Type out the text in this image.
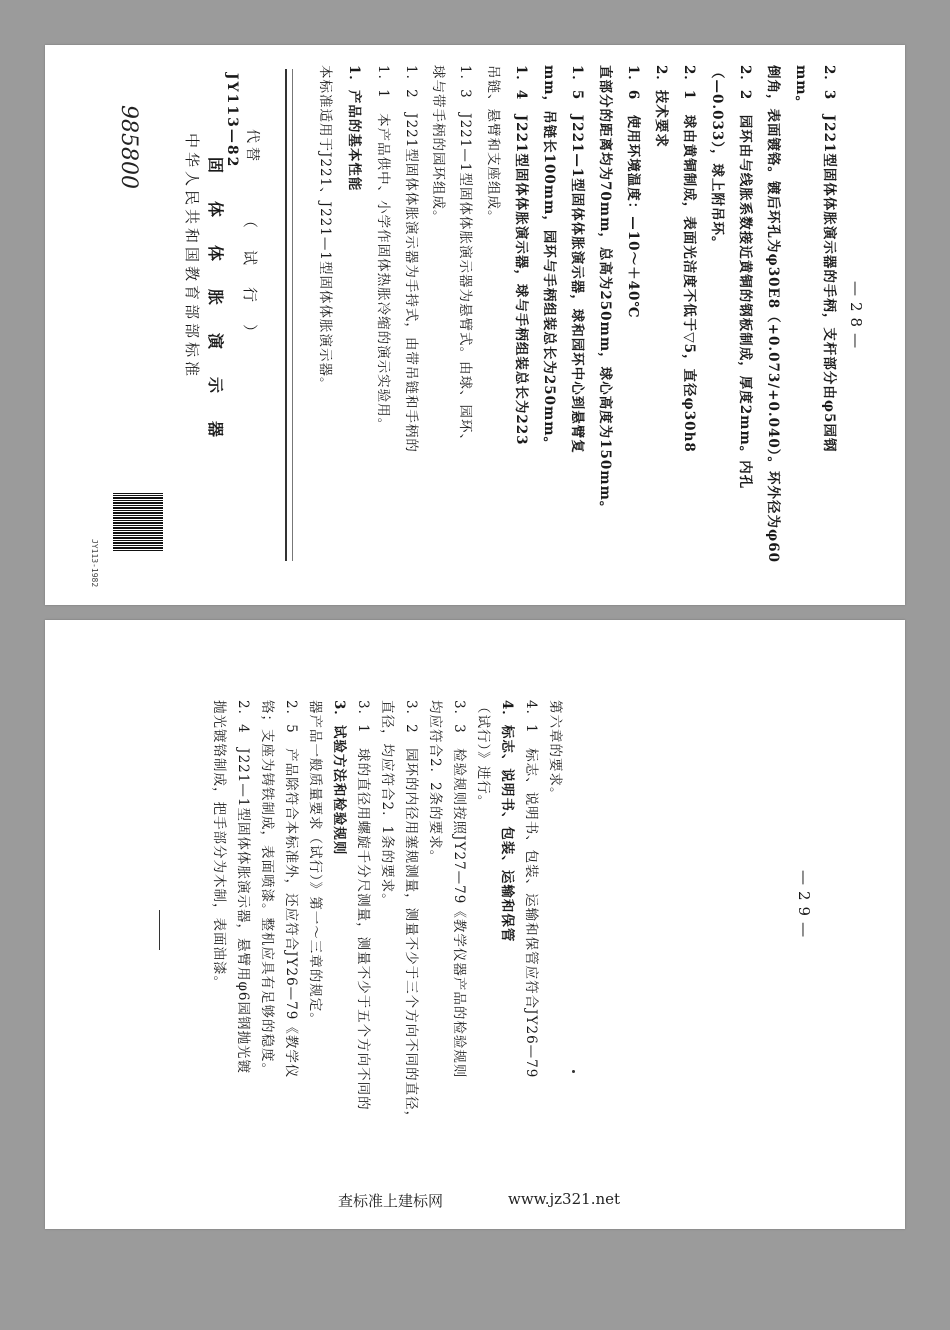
中华人民共和国教育部部标准 固体体胀演示器 （试行）
JY113—82 代替	本标准适用于J221、J221—1型固体体胀演示器。 1．产品的基本性能 1．1　本产品供中、小学作固体热胀冷缩的演示实验用。 1．2　J221型固体体胀演示器为手持式，由带吊链和手柄的 球与带手柄的园环组成。 1．3　J221—1型固体体胀演示器为悬臂式。由球、园环、 吊链、悬臂和支座组成。 1．4　J221型固体体胀演示器，球与手柄组装总长为223 mm，吊链长100mm，园环与手柄组装总长为250mm。 1．5　J221—1型固体体胀演示器，球和园环中心到悬臂复 直部分的距离均为70mm，总高为250mm，球心高度为150mm。 1．6　使用环境温度：—10～＋40℃ 2．技术要求 2．1　球由黄铜制成，表面光洁度不低于▽5，直径φ30h8 （—0.033），球上附吊环。 2．2　园环由与线胀系数接近黄铜的钢板制成，厚度2mm。内孔 倒角，表面镀铬。镀后环孔为φ30E8（+0.073/+0.040）。环外径为φ60 mm。 2．3　J221型固体体胀演示器的手柄，支杆部分由φ5园钢 —28—
985800
JY113-1982
抛光镀铬制成，把手部分为木制，表面油漆。 2．4　J221—1型固体体胀演示器，悬臂用φ6园钢抛光镀 铬；支座为铸铁制成，表面喷漆。整机应具有足够的稳度。 2．5　产品除符合本标准外，还应符合JY26—79《教学仪 器产品一般质量要求（试行）》第一～三章的规定。 3．试验方法和检验规则 3．1　球的直径用螺旋千分尺测量，测量不少于五个方向不同的 直径，均应符合2．1条的要求。 3．2　园环的内径用塞规测量，测量不少于三个方向不同的直径， 均应符合2．2条的要求。 3．3　检验规则按照JY27—79《教学仪器产品的检验规则 （试行）》进行。 4．标志、说明书、包装、运输和保管 4．1　标志、说明书、包装、运输和保管应符合JY26—79 第六章的要求。
—29—
查标准上建标网	www.jz321.net
